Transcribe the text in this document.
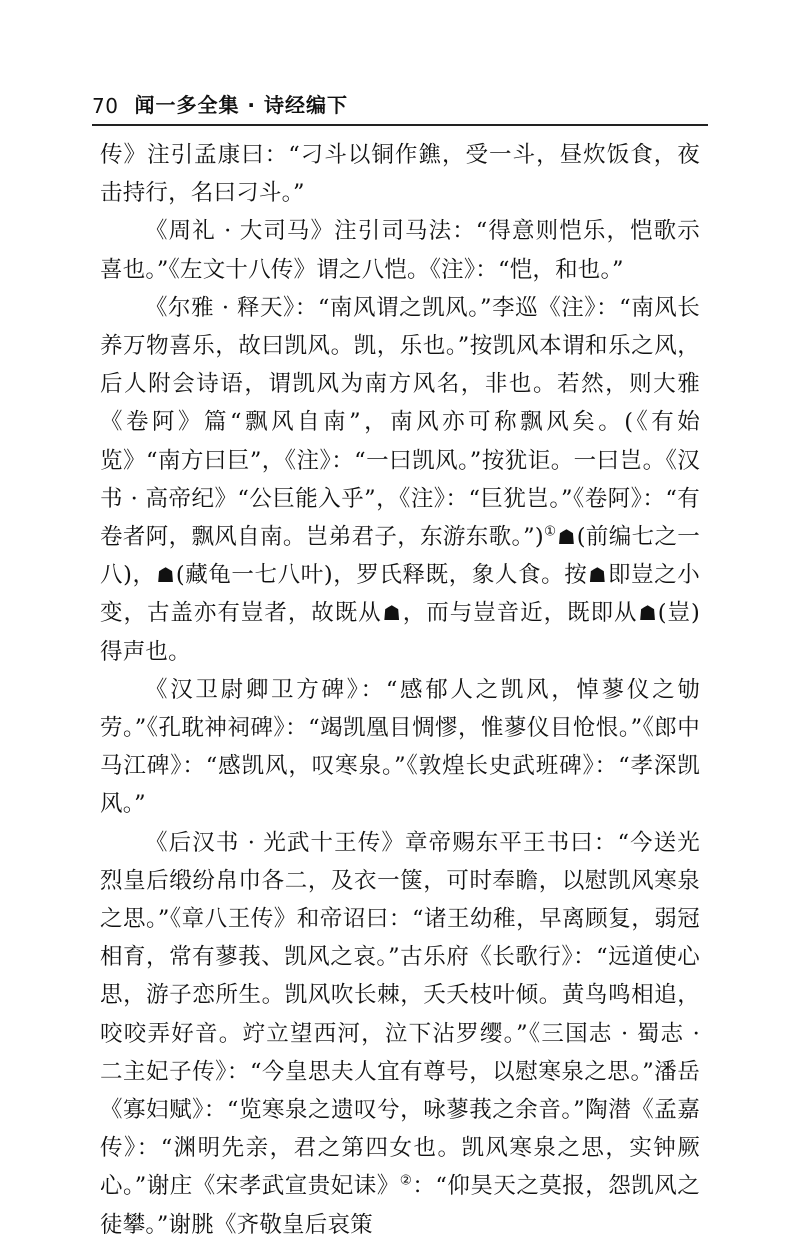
70 闻一多全集 · 诗经编下

传》注引孟康曰：“刁斗以铜作鐎，受一斗，昼炊饭食，夜击持行，名曰刁斗。”

《周礼 · 大司马》注引司马法：“得意则恺乐，恺歌示喜也。”《左文十八传》谓之八恺。《注》：“恺，和也。”

《尔雅 · 释天》：“南风谓之凯风。”李巡《注》：“南风长养万物喜乐，故曰凯风。凯，乐也。”按凯风本谓和乐之风，后人附会诗语，谓凯风为南方风名，非也。若然，则大雅《卷阿》篇“飘风自南”，南风亦可称飘风矣。(《有始览》“南方曰巨”，《注》：“一曰凯风。”按犹讵。一曰岂。《汉书 · 高帝纪》“公巨能入乎”，《注》：“巨犹岂。”《卷阿》：“有卷者阿，飘风自南。岂弟君子，东游东歌。”)①☗(前编七之一八)，☗(藏龟一七八叶)，罗氏释既，象人食。按☗即豈之小变，古盖亦有豈者，故既从☗，而与豈音近，既即从☗(豈)得声也。

《汉卫尉卿卫方碑》：“感郁人之凯风，悼蓼仪之劬劳。”《孔耽神祠碑》：“竭凯凰目惆憀，惟蓼仪目怆恨。”《郎中马江碑》：“感凯风，叹寒泉。”《敦煌长史武班碑》：“孝深凯风。”

《后汉书 · 光武十王传》章帝赐东平王书曰：“今送光烈皇后缎纷帛巾各二，及衣一箧，可时奉瞻，以慰凯风寒泉之思。”《章八王传》和帝诏曰：“诸王幼稚，早离顾复，弱冠相育，常有蓼莪、凯风之哀。”古乐府《长歌行》：“远道使心思，游子恋所生。凯风吹长棘，夭夭枝叶倾。黄鸟鸣相追，咬咬弄好音。竚立望西河，泣下沾罗缨。”《三国志 · 蜀志 · 二主妃子传》：“今皇思夫人宜有尊号，以慰寒泉之思。”潘岳《寡妇赋》：“览寒泉之遗叹兮，咏蓼莪之余音。”陶潜《孟嘉传》：“渊明先亲，君之第四女也。凯风寒泉之思，实钟厥心。”谢庄《宋孝武宣贵妃诔》②：“仰昊天之莫报，怨凯风之徒攀。”谢朓《齐敬皇后哀策
